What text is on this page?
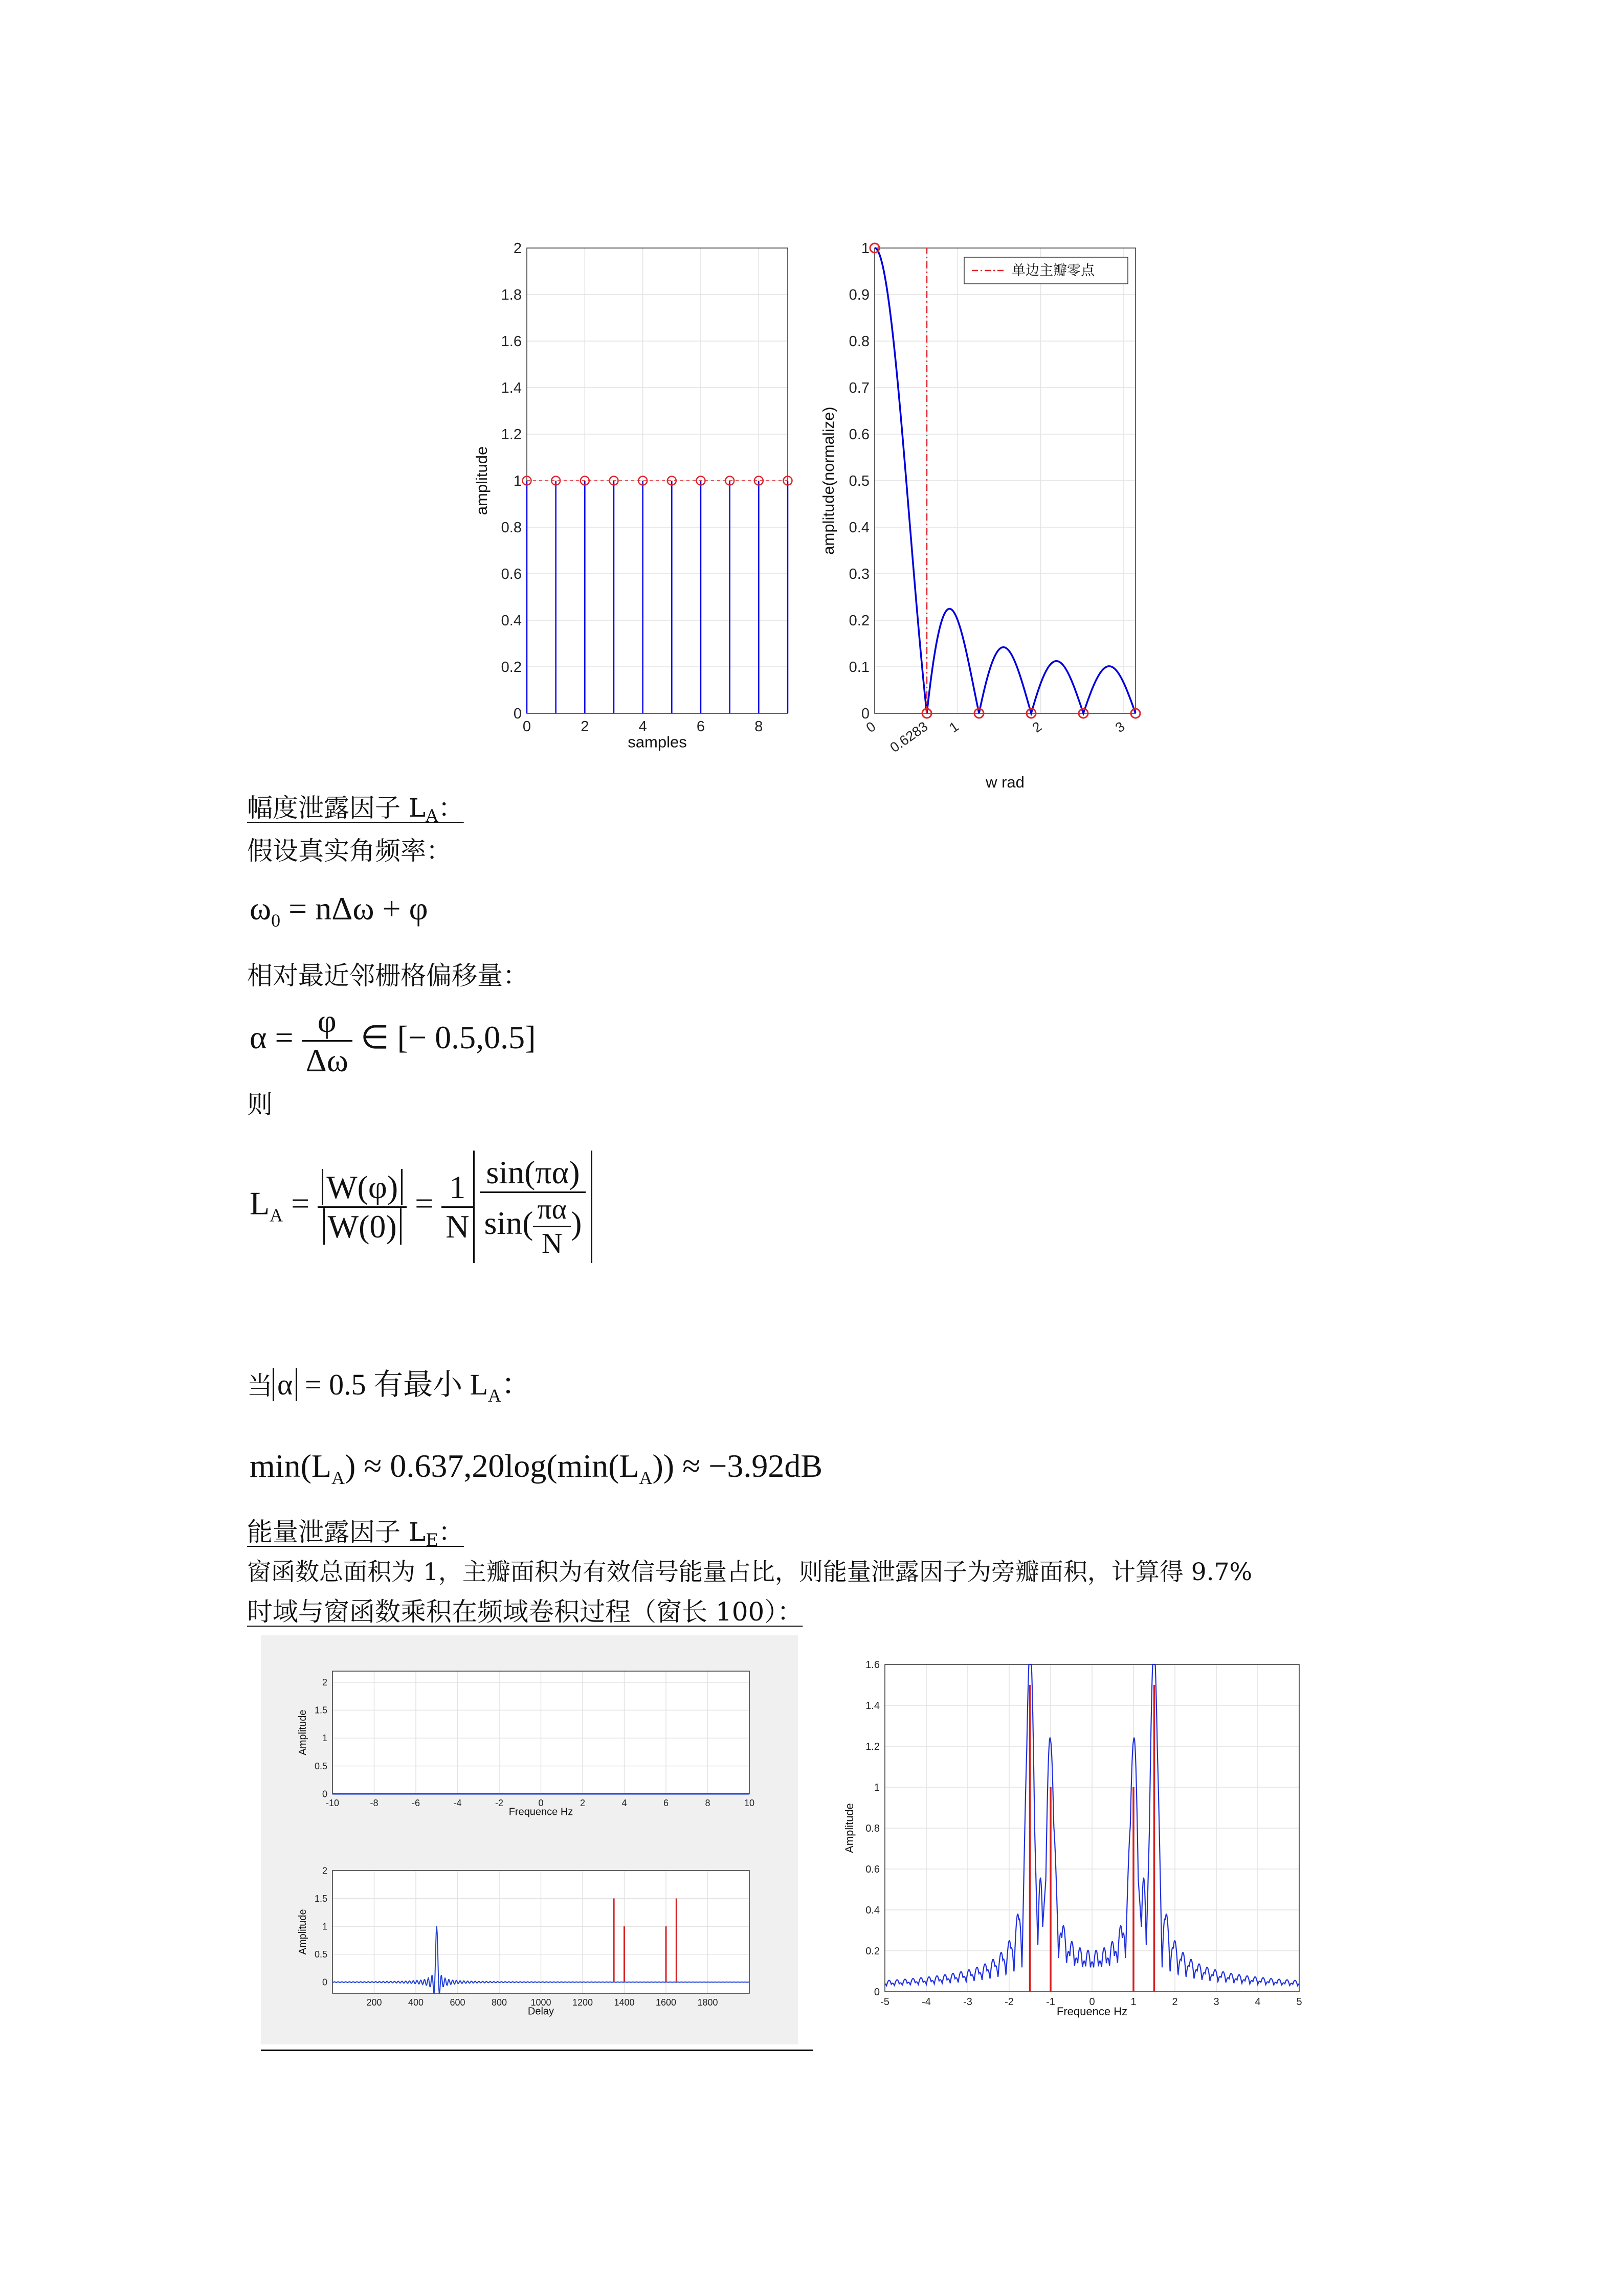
0	2	4	6	8
0
0.2
0.4
0.6
0.8
1
1.2
1.4
1.6
1.8
2
samples
amplitude
0 0.6283 1	2	3
0
0.1
0.2
0.3
0.4
0.5
0.6
0.7
0.8
0.9
1
w rad
amplitude(normalize)
单边主瓣零点
幅度泄露因子 $L_A$：
假设真实角频率：
$\omega_0 = n\Delta\omega + \varphi$
相对最近邻栅格偏移量：
$\alpha = \frac{\varphi}{\Delta\omega}$ ∈ [− 0.5,0.5]
则
$L_A = \frac{W(\varphi)}{W(0)} = \frac{1}{N} \frac{\sin(\pi\alpha)}{\sin( \frac{\pi\alpha}{N} )}$
当 α = 0.5 有最小 $L_A$：
$\min(L_A) \approx 0.637,20\log(\min(L_A)) \approx -3.92dB$
能量泄露因子 $L_E$：
窗函数总面积为 1，主瓣面积为有效信号能量占比，则能量泄露因子为旁瓣面积，计算得 9.7%
时域与窗函数乘积在频域卷积过程（窗长 100）：
-10	-8	-6	-4	-2	0	2	4	6	8	10
0
0.5
1
1.5
2
Frequence Hz
Amplitude
200	400	600	800	1000 1200 1400 1600 1800
0
0.5
1
1.5
2
Delay
Amplitude
-5	-4	-3	-2	-1	0	1	2	3	4	5
0
0.2
0.4
0.6
0.8
1
1.2
1.4
1.6
Frequence Hz
Amplitude
